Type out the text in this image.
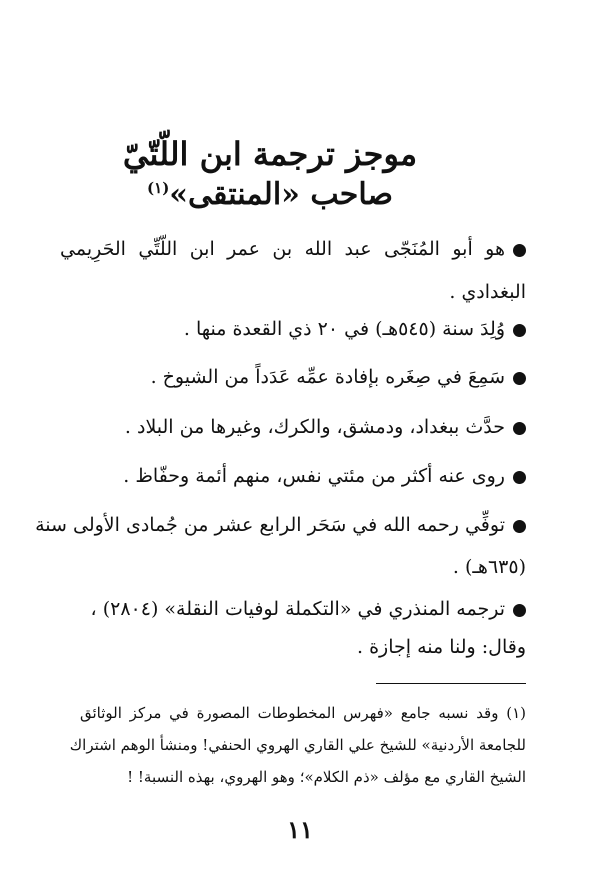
موجز ترجمة ابن اللّتّيّ
صاحب «المنتقى»$^{(١)}$
هو أبو المُنَجّى عبد الله بن عمر ابن اللّتِّي الحَرِيمي
البغدادي .
وُلِدَ سنة (٥٤٥هـ) في ٢٠ ذي القعدة منها .
سَمِعَ في صِغَره بإفادة عمِّه عَدَداً من الشيوخ .
حدَّث ببغداد، ودمشق، والكرك، وغيرها من البلاد .
روى عنه أكثر من مئتي نفس، منهم أئمة وحفّاظ .
توفِّي رحمه الله في سَحَر الرابع عشر من جُمادى الأولى سنة
(٦٣٥هـ) .
ترجمه المنذري في «التكملة لوفيات النقلة» (٢٨٠٤) ،
وقال: ولنا منه إجازة .
(١) وقد نسبه جامع «فهرس المخطوطات المصورة في مركز الوثائق
للجامعة الأردنية» للشيخ علي القاري الهروي الحنفي! ومنشأ الوهم اشتراك
الشيخ القاري مع مؤلف «ذم الكلام»؛ وهو الهروي، بهذه النسبة! !
١١
